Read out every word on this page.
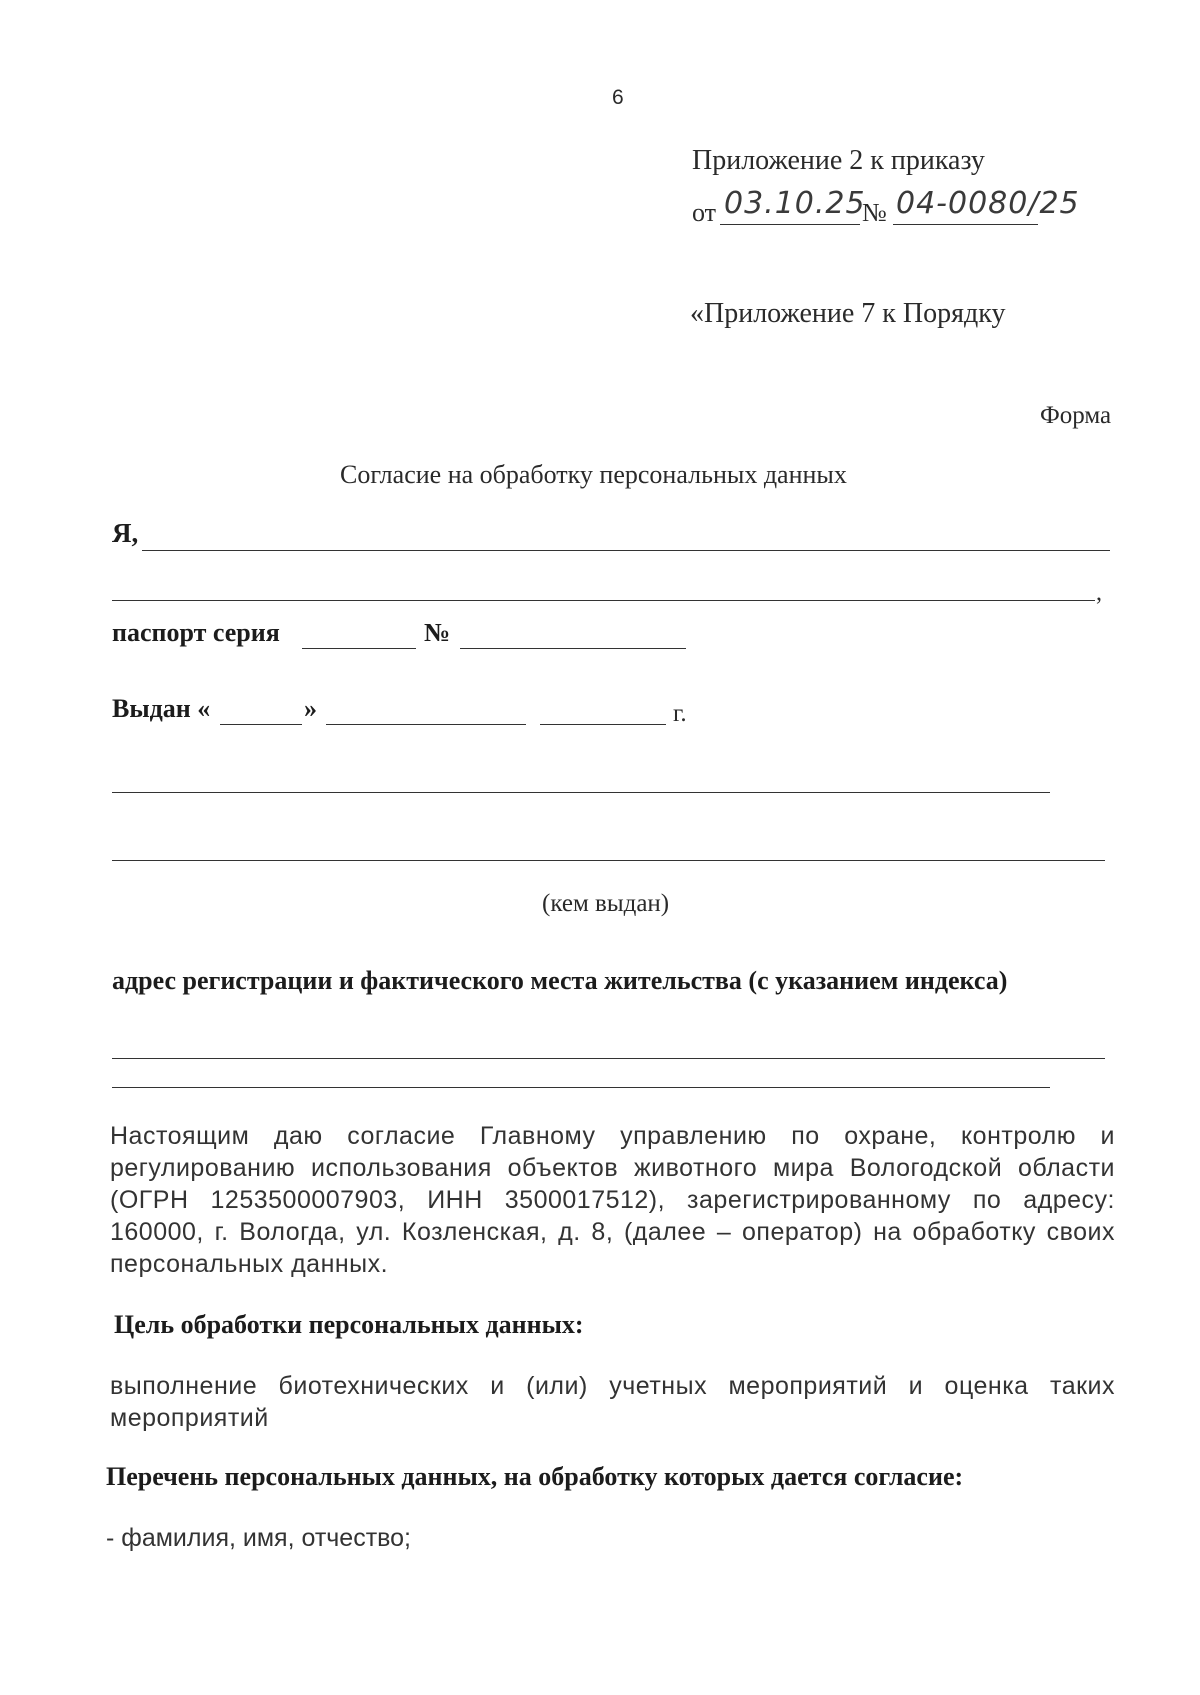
6
Приложение 2 к приказу
от 03.10.25
№ 04-0080/25
«Приложение 7 к Порядку
Форма
Согласие на обработку персональных данных
Я,
,
паспорт серия	№
Выдан «	»	г.
(кем выдан)
адрес регистрации и фактического места жительства (с указанием индекса)
Настоящим даю согласие Главному управлению по охране, контролю и регулированию использования объектов животного мира Вологодской области (ОГРН 1253500007903, ИНН 3500017512), зарегистрированному по адресу: 160000, г. Вологда, ул. Козленская, д. 8, (далее – оператор) на обработку своих персональных данных.
Цель обработки персональных данных:
выполнение биотехнических и (или) учетных мероприятий и оценка таких мероприятий
Перечень персональных данных, на обработку которых дается согласие:
- фамилия, имя, отчество;
